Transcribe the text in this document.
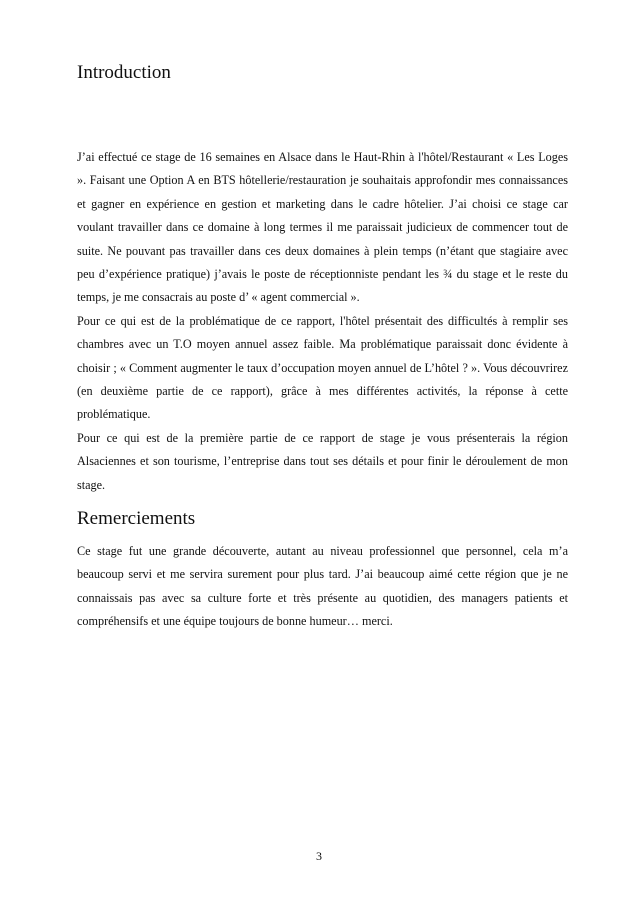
Introduction

J’ai effectué ce stage de 16 semaines en Alsace dans le Haut-Rhin à l'hôtel/Restaurant « Les Loges ». Faisant une Option A en BTS hôtellerie/restauration je souhaitais approfondir mes connaissances et gagner en expérience en gestion et marketing dans le cadre hôtelier. J’ai choisi ce stage car voulant travailler dans ce domaine à long termes il me paraissait judicieux de commencer tout de suite. Ne pouvant pas travailler dans ces deux domaines à plein temps (n’étant que stagiaire avec peu d’expérience pratique) j’avais le poste de réceptionniste pendant les ¾ du stage et le reste du temps, je me consacrais au poste d’ « agent commercial ».

Pour ce qui est de la problématique de ce rapport, l'hôtel présentait des difficultés à remplir ses chambres avec un T.O moyen annuel assez faible. Ma problématique paraissait donc évidente à choisir ; « Comment augmenter le taux d’occupation moyen annuel de L’hôtel ? ». Vous découvrirez (en deuxième partie de ce rapport), grâce à mes différentes activités, la réponse à cette problématique.

Pour ce qui est de la première partie de ce rapport de stage je vous présenterais la région Alsaciennes et son tourisme, l’entreprise dans tout ses détails et pour finir le déroulement de mon stage.

Remerciements

Ce stage fut une grande découverte, autant au niveau professionnel que personnel, cela m’a beaucoup servi et me servira surement pour plus tard. J’ai beaucoup aimé cette région que je ne connaissais pas avec sa culture forte et très présente au quotidien, des managers patients et compréhensifs et une équipe toujours de bonne humeur… merci.

3
